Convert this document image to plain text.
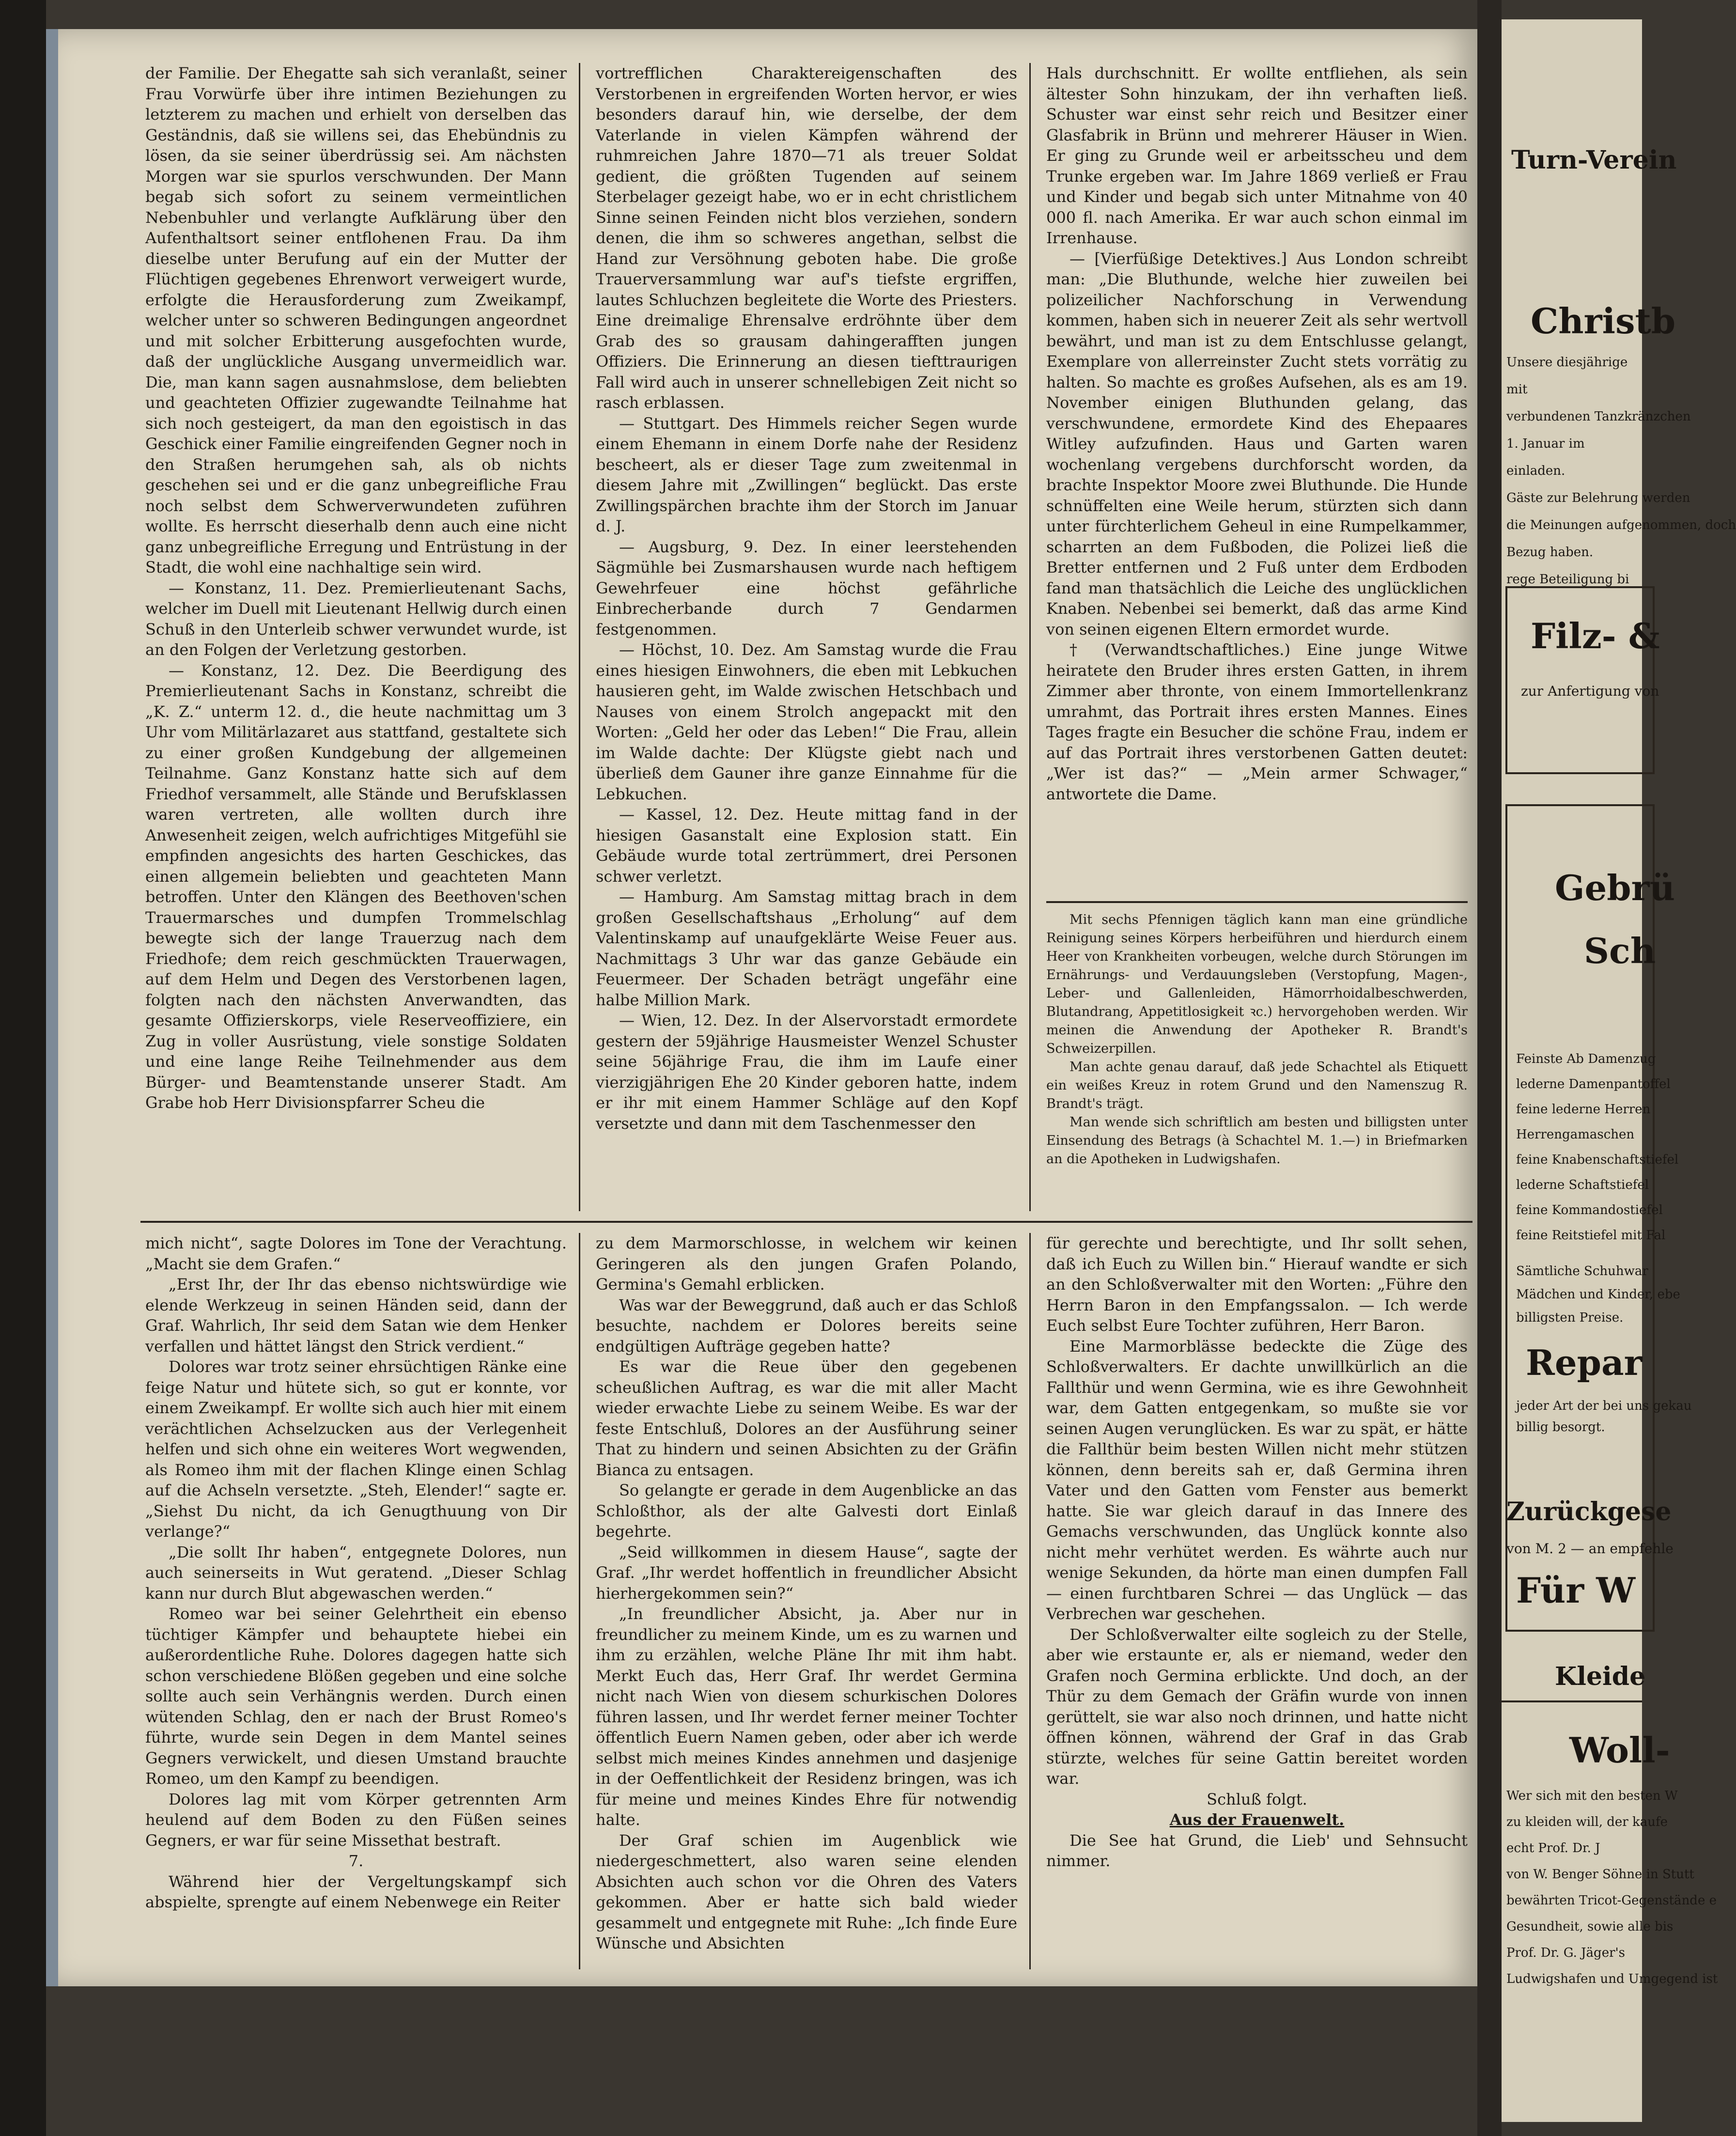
der Familie. Der Ehegatte sah sich veranlaßt, seiner Frau Vorwürfe über ihre intimen Beziehungen zu letzterem zu machen und erhielt von derselben das Geständnis, daß sie willens sei, das Ehebündnis zu lösen, da sie seiner überdrüssig sei. Am nächsten Morgen war sie spurlos verschwunden. Der Mann begab sich sofort zu seinem vermeintlichen Nebenbuhler und verlangte Aufklärung über den Aufenthaltsort seiner entflohenen Frau. Da ihm dieselbe unter Berufung auf ein der Mutter der Flüchtigen gegebenes Ehrenwort verweigert wurde, erfolgte die Herausforderung zum Zweikampf, welcher unter so schweren Bedingungen angeordnet und mit solcher Erbitterung ausgefochten wurde, daß der unglückliche Ausgang unvermeidlich war. Die, man kann sagen ausnahmslose, dem beliebten und geachteten Offizier zugewandte Teilnahme hat sich noch gesteigert, da man den egoistisch in das Geschick einer Familie eingreifenden Gegner noch in den Straßen herumgehen sah, als ob nichts geschehen sei und er die ganz unbegreifliche Frau noch selbst dem Schwerverwundeten zuführen wollte. Es herrscht dieserhalb denn auch eine nicht ganz unbegreifliche Erregung und Entrüstung in der Stadt, die wohl eine nachhaltige sein wird.

— Konstanz, 11. Dez. Premierlieutenant Sachs, welcher im Duell mit Lieutenant Hellwig durch einen Schuß in den Unterleib schwer verwundet wurde, ist an den Folgen der Verletzung gestorben.

— Konstanz, 12. Dez. Die Beerdigung des Premierlieutenant Sachs in Konstanz, schreibt die „K. Z.“ unterm 12. d., die heute nachmittag um 3 Uhr vom Militärlazaret aus stattfand, gestaltete sich zu einer großen Kundgebung der allgemeinen Teilnahme. Ganz Konstanz hatte sich auf dem Friedhof versammelt, alle Stände und Berufsklassen waren vertreten, alle wollten durch ihre Anwesenheit zeigen, welch aufrichtiges Mitgefühl sie empfinden angesichts des harten Geschickes, das einen allgemein beliebten und geachteten Mann betroffen. Unter den Klängen des Beethoven'schen Trauermarsches und dumpfen Trommelschlag bewegte sich der lange Trauerzug nach dem Friedhofe; dem reich geschmückten Trauerwagen, auf dem Helm und Degen des Verstorbenen lagen, folgten nach den nächsten Anverwandten, das gesamte Offizierskorps, viele Reserveoffiziere, ein Zug in voller Ausrüstung, viele sonstige Soldaten und eine lange Reihe Teilnehmender aus dem Bürger- und Beamtenstande unserer Stadt. Am Grabe hob Herr Divisionspfarrer Scheu die

vortrefflichen Charaktereigenschaften des Verstorbenen in ergreifenden Worten hervor, er wies besonders darauf hin, wie derselbe, der dem Vaterlande in vielen Kämpfen während der ruhmreichen Jahre 1870—71 als treuer Soldat gedient, die größten Tugenden auf seinem Sterbelager gezeigt habe, wo er in echt christlichem Sinne seinen Feinden nicht blos verziehen, sondern denen, die ihm so schweres angethan, selbst die Hand zur Versöhnung geboten habe. Die große Trauerversammlung war auf's tiefste ergriffen, lautes Schluchzen begleitete die Worte des Priesters. Eine dreimalige Ehrensalve erdröhnte über dem Grab des so grausam dahingerafften jungen Offiziers. Die Erinnerung an diesen tiefttraurigen Fall wird auch in unserer schnellebigen Zeit nicht so rasch erblassen.

— Stuttgart. Des Himmels reicher Segen wurde einem Ehemann in einem Dorfe nahe der Residenz bescheert, als er dieser Tage zum zweitenmal in diesem Jahre mit „Zwillingen“ beglückt. Das erste Zwillingspärchen brachte ihm der Storch im Januar d. J.

— Augsburg, 9. Dez. In einer leerstehenden Sägmühle bei Zusmarshausen wurde nach heftigem Gewehrfeuer eine höchst gefährliche Einbrecherbande durch 7 Gendarmen festgenommen.

— Höchst, 10. Dez. Am Samstag wurde die Frau eines hiesigen Einwohners, die eben mit Lebkuchen hausieren geht, im Walde zwischen Hetschbach und Nauses von einem Strolch angepackt mit den Worten: „Geld her oder das Leben!“ Die Frau, allein im Walde dachte: Der Klügste giebt nach und überließ dem Gauner ihre ganze Einnahme für die Lebkuchen.

— Kassel, 12. Dez. Heute mittag fand in der hiesigen Gasanstalt eine Explosion statt. Ein Gebäude wurde total zertrümmert, drei Personen schwer verletzt.

— Hamburg. Am Samstag mittag brach in dem großen Gesellschaftshaus „Erholung“ auf dem Valentinskamp auf unaufgeklärte Weise Feuer aus. Nachmittags 3 Uhr war das ganze Gebäude ein Feuermeer. Der Schaden beträgt ungefähr eine halbe Million Mark.

— Wien, 12. Dez. In der Alservorstadt ermordete gestern der 59jährige Hausmeister Wenzel Schuster seine 56jährige Frau, die ihm im Laufe einer vierzigjährigen Ehe 20 Kinder geboren hatte, indem er ihr mit einem Hammer Schläge auf den Kopf versetzte und dann mit dem Taschenmesser den

Hals durchschnitt. Er wollte entfliehen, als sein ältester Sohn hinzukam, der ihn verhaften ließ. Schuster war einst sehr reich und Besitzer einer Glasfabrik in Brünn und mehrerer Häuser in Wien. Er ging zu Grunde weil er arbeitsscheu und dem Trunke ergeben war. Im Jahre 1869 verließ er Frau und Kinder und begab sich unter Mitnahme von 40 000 fl. nach Amerika. Er war auch schon einmal im Irrenhause.

— [Vierfüßige Detektives.] Aus London schreibt man: „Die Bluthunde, welche hier zuweilen bei polizeilicher Nachforschung in Verwendung kommen, haben sich in neuerer Zeit als sehr wertvoll bewährt, und man ist zu dem Entschlusse gelangt, Exemplare von allerreinster Zucht stets vorrätig zu halten. So machte es großes Aufsehen, als es am 19. November einigen Bluthunden gelang, das verschwundene, ermordete Kind des Ehepaares Witley aufzufinden. Haus und Garten waren wochenlang vergebens durchforscht worden, da brachte Inspektor Moore zwei Bluthunde. Die Hunde schnüffelten eine Weile herum, stürzten sich dann unter fürchterlichem Geheul in eine Rumpelkammer, scharrten an dem Fußboden, die Polizei ließ die Bretter entfernen und 2 Fuß unter dem Erdboden fand man thatsächlich die Leiche des unglücklichen Knaben. Nebenbei sei bemerkt, daß das arme Kind von seinen eigenen Eltern ermordet wurde.

† (Verwandtschaftliches.) Eine junge Witwe heiratete den Bruder ihres ersten Gatten, in ihrem Zimmer aber thronte, von einem Immortellenkranz umrahmt, das Portrait ihres ersten Mannes. Eines Tages fragte ein Besucher die schöne Frau, indem er auf das Portrait ihres verstorbenen Gatten deutet: „Wer ist das?“ — „Mein armer Schwager,“ antwortete die Dame.

Mit sechs Pfennigen täglich kann man eine gründliche Reinigung seines Körpers herbeiführen und hierdurch einem Heer von Krankheiten vorbeugen, welche durch Störungen im Ernährungs- und Verdauungsleben (Verstopfung, Magen-, Leber- und Gallenleiden, Hämorrhoidalbeschwerden, Blutandrang, Appetitlosigkeit ꝛc.) hervorgehoben werden. Wir meinen die Anwendung der Apotheker R. Brandt's Schweizerpillen.

Man achte genau darauf, daß jede Schachtel als Etiquett ein weißes Kreuz in rotem Grund und den Namenszug R. Brandt's trägt.

Man wende sich schriftlich am besten und billigsten unter Einsendung des Betrags (à Schachtel M. 1.—) in Briefmarken an die Apotheken in Ludwigshafen.

mich nicht“, sagte Dolores im Tone der Verachtung. „Macht sie dem Grafen.“

„Erst Ihr, der Ihr das ebenso nichtswürdige wie elende Werkzeug in seinen Händen seid, dann der Graf. Wahrlich, Ihr seid dem Satan wie dem Henker verfallen und hättet längst den Strick verdient.“

Dolores war trotz seiner ehrsüchtigen Ränke eine feige Natur und hütete sich, so gut er konnte, vor einem Zweikampf. Er wollte sich auch hier mit einem verächtlichen Achselzucken aus der Verlegenheit helfen und sich ohne ein weiteres Wort wegwenden, als Romeo ihm mit der flachen Klinge einen Schlag auf die Achseln versetzte. „Steh, Elender!“ sagte er. „Siehst Du nicht, da ich Genugthuung von Dir verlange?“

„Die sollt Ihr haben“, entgegnete Dolores, nun auch seinerseits in Wut geratend. „Dieser Schlag kann nur durch Blut abgewaschen werden.“

Romeo war bei seiner Gelehrtheit ein ebenso tüchtiger Kämpfer und behauptete hiebei ein außerordentliche Ruhe. Dolores dagegen hatte sich schon verschiedene Blößen gegeben und eine solche sollte auch sein Verhängnis werden. Durch einen wütenden Schlag, den er nach der Brust Romeo's führte, wurde sein Degen in dem Mantel seines Gegners verwickelt, und diesen Umstand brauchte Romeo, um den Kampf zu beendigen.

Dolores lag mit vom Körper getrennten Arm heulend auf dem Boden zu den Füßen seines Gegners, er war für seine Missethat bestraft.

7.

Während hier der Vergeltungskampf sich abspielte, sprengte auf einem Nebenwege ein Reiter

zu dem Marmorschlosse, in welchem wir keinen Geringeren als den jungen Grafen Polando, Germina's Gemahl erblicken.

Was war der Beweggrund, daß auch er das Schloß besuchte, nachdem er Dolores bereits seine endgültigen Aufträge gegeben hatte?

Es war die Reue über den gegebenen scheußlichen Auftrag, es war die mit aller Macht wieder erwachte Liebe zu seinem Weibe. Es war der feste Entschluß, Dolores an der Ausführung seiner That zu hindern und seinen Absichten zu der Gräfin Bianca zu entsagen.

So gelangte er gerade in dem Augenblicke an das Schloßthor, als der alte Galvesti dort Einlaß begehrte.

„Seid willkommen in diesem Hause“, sagte der Graf. „Ihr werdet hoffentlich in freundlicher Absicht hierhergekommen sein?“

„In freundlicher Absicht, ja. Aber nur in freundlicher zu meinem Kinde, um es zu warnen und ihm zu erzählen, welche Pläne Ihr mit ihm habt. Merkt Euch das, Herr Graf. Ihr werdet Germina nicht nach Wien von diesem schurkischen Dolores führen lassen, und Ihr werdet ferner meiner Tochter öffentlich Euern Namen geben, oder aber ich werde selbst mich meines Kindes annehmen und dasjenige in der Oeffentlichkeit der Residenz bringen, was ich für meine und meines Kindes Ehre für notwendig halte.

Der Graf schien im Augenblick wie niedergeschmettert, also waren seine elenden Absichten auch schon vor die Ohren des Vaters gekommen. Aber er hatte sich bald wieder gesammelt und entgegnete mit Ruhe: „Ich finde Eure Wünsche und Absichten

für gerechte und berechtigte, und Ihr sollt sehen, daß ich Euch zu Willen bin.“ Hierauf wandte er sich an den Schloßverwalter mit den Worten: „Führe den Herrn Baron in den Empfangssalon. — Ich werde Euch selbst Eure Tochter zuführen, Herr Baron.

Eine Marmorblässe bedeckte die Züge des Schloßverwalters. Er dachte unwillkürlich an die Fallthür und wenn Germina, wie es ihre Gewohnheit war, dem Gatten entgegenkam, so mußte sie vor seinen Augen verunglücken. Es war zu spät, er hätte die Fallthür beim besten Willen nicht mehr stützen können, denn bereits sah er, daß Germina ihren Vater und den Gatten vom Fenster aus bemerkt hatte. Sie war gleich darauf in das Innere des Gemachs verschwunden, das Unglück konnte also nicht mehr verhütet werden. Es währte auch nur wenige Sekunden, da hörte man einen dumpfen Fall — einen furchtbaren Schrei — das Unglück — das Verbrechen war geschehen.

Der Schloßverwalter eilte sogleich zu der Stelle, aber wie erstaunte er, als er niemand, weder den Grafen noch Germina erblickte. Und doch, an der Thür zu dem Gemach der Gräfin wurde von innen gerüttelt, sie war also noch drinnen, und hatte nicht öffnen können, während der Graf in das Grab stürzte, welches für seine Gattin bereitet worden war.

Schluß folgt.

Aus der Frauenwelt.

Die See hat Grund, die Lieb' und Sehnsucht nimmer.

Turn-Verein
Christb
Unsere diesjährige
mit
verbundenen Tanzkränzchen
1. Januar im
einladen.
Gäste zur Belehrung werden
die Meinungen aufgenommen, doch
Bezug haben.
rege Beteiligung bi
Filz- &
zur Anfertigung von
Gebrü
Sch
Feinste Ab Damenzug
lederne Damenpantoffel
feine lederne Herren
Herrengamaschen
feine Knabenschaftstiefel
lederne Schaftstiefel
feine Kommandostiefel
feine Reitstiefel mit Fal
Sämtliche Schuhwar
Mädchen und Kinder, ebe
billigsten Preise.
Repar
jeder Art der bei uns gekau
billig besorgt.
Zurückgese
von M. 2 — an empfehle
Für W
Kleide
Woll-
Wer sich mit den besten W
zu kleiden will, der kaufe
echt Prof. Dr. J
von W. Benger Söhne in Stutt
bewährten Tricot-Gegenstände e
Gesundheit, sowie alle bis
Prof. Dr. G. Jäger's
Ludwigshafen und Umgegend ist
